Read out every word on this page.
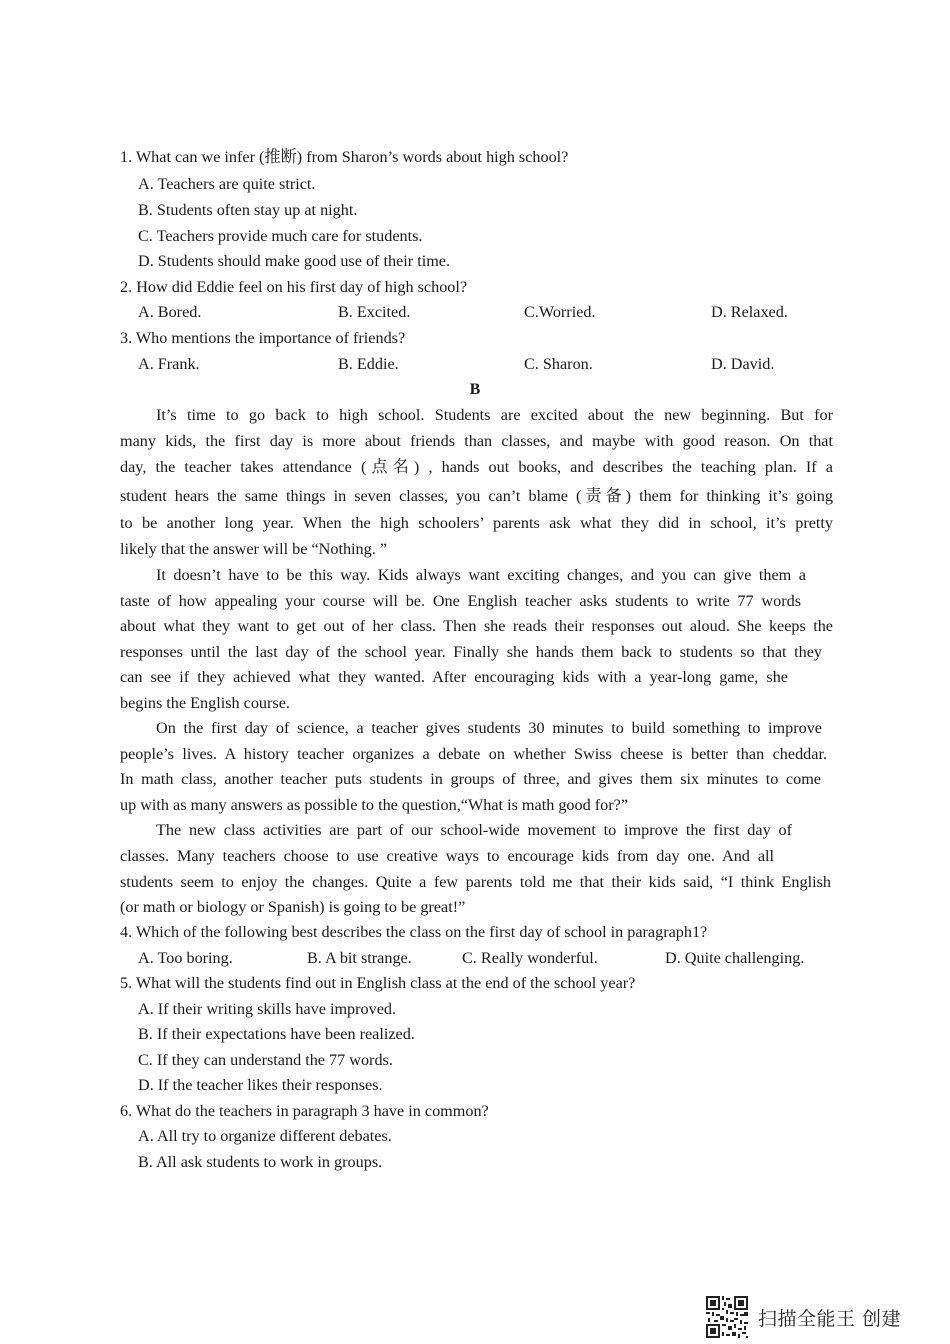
1. What can we infer (推断) from Sharon’s words about high school?
A. Teachers are quite strict.
B. Students often stay up at night.
C. Teachers provide much care for students.
D. Students should make good use of their time.
2. How did Eddie feel on his first day of high school?
A. Bored.	B. Excited.	C.Worried.	D. Relaxed.
3. Who mentions the importance of friends?
A. Frank.	B. Eddie.	C. Sharon.	D. David.
B
It’s time to go back to high school. Students are excited about the new beginning. But for
many kids, the first day is more about friends than classes, and maybe with good reason. On that
day, the teacher takes attendance (点名) , hands out books, and describes the teaching plan. If a
student hears the same things in seven classes, you can’t blame (责备) them for thinking it’s going
to be another long year. When the high schoolers’ parents ask what they did in school, it’s pretty
likely that the answer will be “Nothing. ”
It doesn’t have to be this way. Kids always want exciting changes, and you can give them a
taste of how appealing your course will be. One English teacher asks students to write 77 words
about what they want to get out of her class. Then she reads their responses out aloud. She keeps the
responses until the last day of the school year. Finally she hands them back to students so that they
can see if they achieved what they wanted. After encouraging kids with a year-long game, she
begins the English course.
On the first day of science, a teacher gives students 30 minutes to build something to improve
people’s lives. A history teacher organizes a debate on whether Swiss cheese is better than cheddar.
In math class, another teacher puts students in groups of three, and gives them six minutes to come
up with as many answers as possible to the question,“What is math good for?”
The new class activities are part of our school-wide movement to improve the first day of
classes. Many teachers choose to use creative ways to encourage kids from day one. And all
students seem to enjoy the changes. Quite a few parents told me that their kids said, “I think English
(or math or biology or Spanish) is going to be great!”
4. Which of the following best describes the class on the first day of school in paragraph1?
A. Too boring.	B. A bit strange.	C. Really wonderful.	D. Quite challenging.
5. What will the students find out in English class at the end of the school year?
A. If their writing skills have improved.
B. If their expectations have been realized.
C. If they can understand the 77 words.
D. If the teacher likes their responses.
6. What do the teachers in paragraph 3 have in common?
A. All try to organize different debates.
B. All ask students to work in groups.
扫描全能王 创建
